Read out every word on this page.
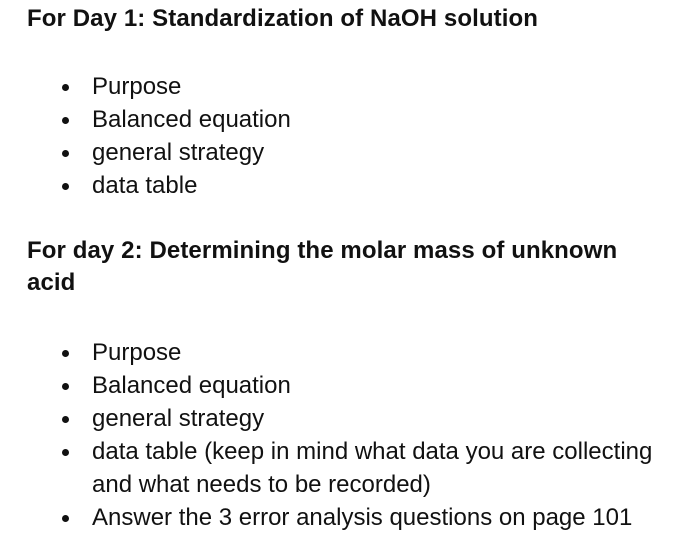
For Day 1: Standardization of NaOH solution
Purpose
Balanced equation
general strategy
data table
For day 2: Determining the molar mass of unknown acid
Purpose
Balanced equation
general strategy
data table (keep in mind what data you are collecting and what needs to be recorded)
Answer the 3 error analysis questions on page 101
